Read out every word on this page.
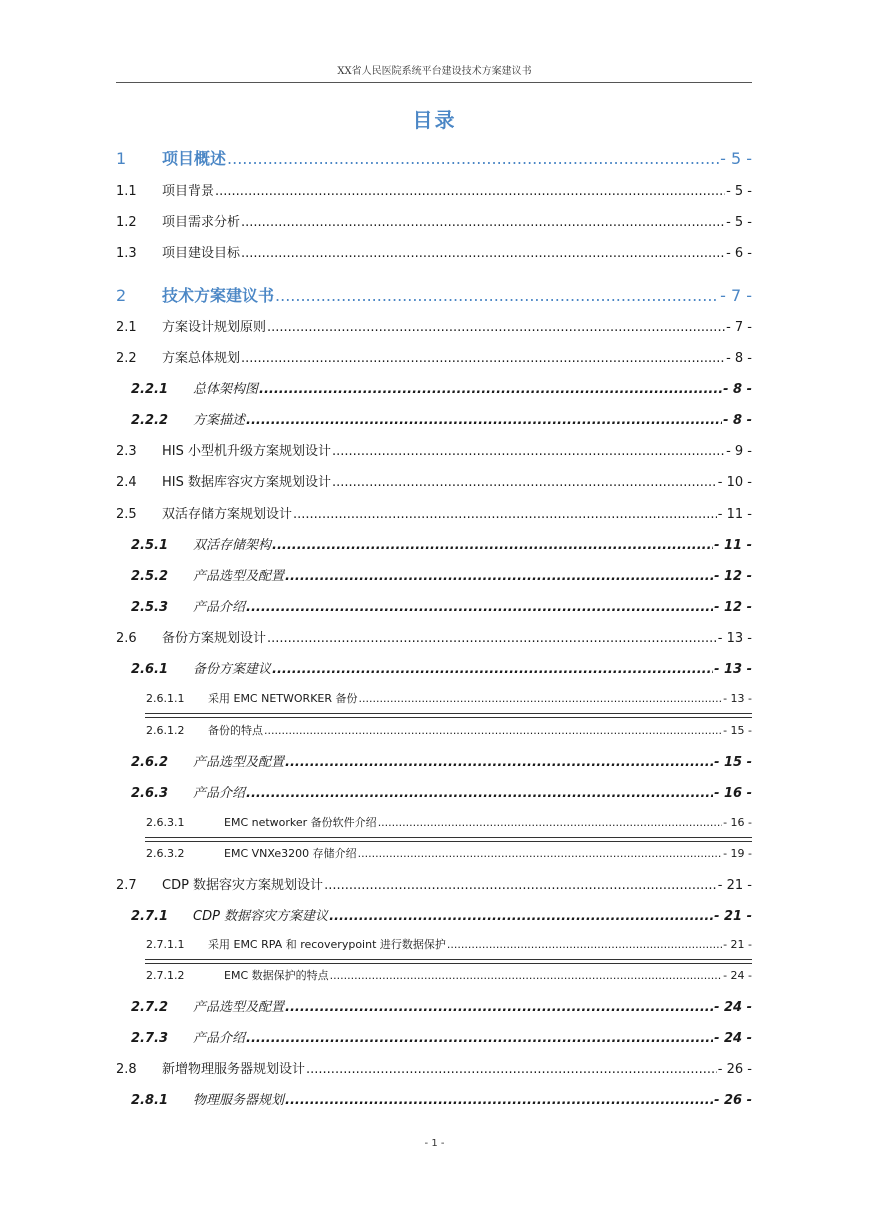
XX省人民医院系统平台建设技术方案建议书
目录
1	项目概述 .....	- 5 -
1.1	项目背景 .....	- 5 -
1.2	项目需求分析 .....	- 5 -
1.3	项目建设目标 .....	- 6 -
2	技术方案建议书 .....	- 7 -
2.1	方案设计规划原则 .....	- 7 -
2.2	方案总体规划 .....	- 8 -
2.2.1	总体架构图 .....	- 8 -
2.2.2	方案描述 .....	- 8 -
2.3	HIS 小型机升级方案规划设计 .....	- 9 -
2.4	HIS 数据库容灾方案规划设计 .....	- 10 -
2.5	双活存储方案规划设计 .....	- 11 -
2.5.1	双活存储架构 .....	- 11 -
2.5.2	产品选型及配置 .....	- 12 -
2.5.3	产品介绍 .....	- 12 -
2.6	备份方案规划设计 .....	- 13 -
2.6.1	备份方案建议 .....	- 13 -
2.6.1.1	采用 EMC NETWORKER 备份 .....	- 13 -
2.6.1.2	备份的特点 .....	- 15 -
2.6.2	产品选型及配置 .....	- 15 -
2.6.3	产品介绍 .....	- 16 -
2.6.3.1	EMC networker 备份软件介绍 .....	- 16 -
2.6.3.2	EMC VNXe3200 存储介绍 .....	- 19 -
2.7	CDP 数据容灾方案规划设计 .....	- 21 -
2.7.1	CDP 数据容灾方案建议 .....	- 21 -
2.7.1.1	采用 EMC RPA 和 recoverypoint 进行数据保护 .....	- 21 -
2.7.1.2	EMC 数据保护的特点 .....	- 24 -
2.7.2	产品选型及配置 .....	- 24 -
2.7.3	产品介绍 .....	- 24 -
2.8	新增物理服务器规划设计 .....	- 26 -
2.8.1	物理服务器规划 .....	- 26 -
- 1 -
